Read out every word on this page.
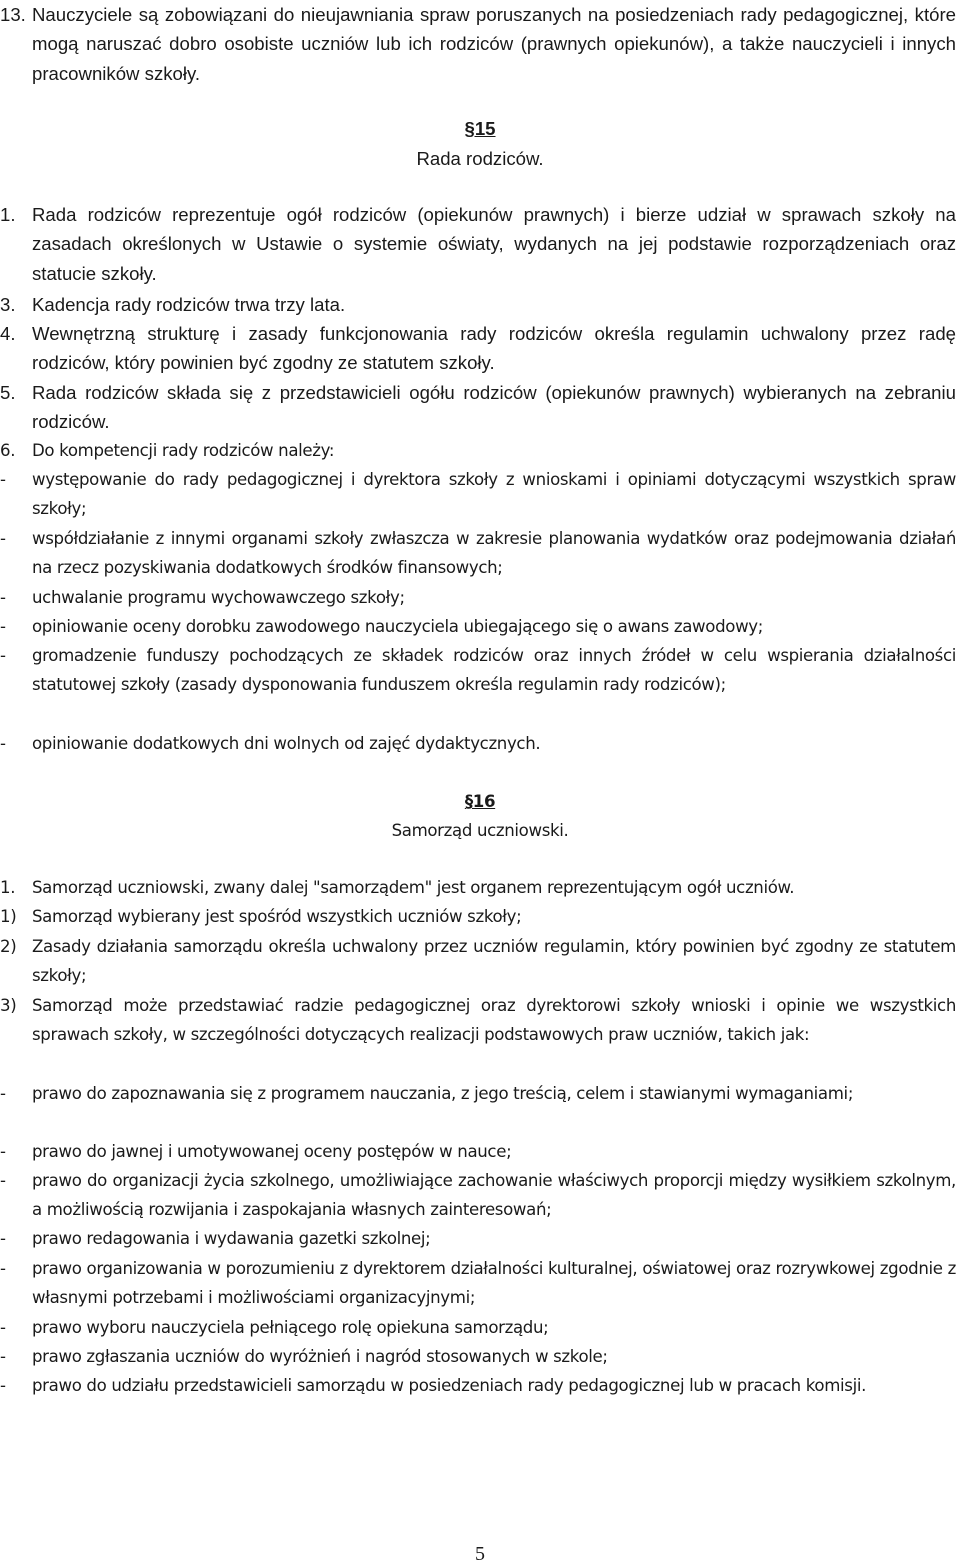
13. Nauczyciele są zobowiązani do nieujawniania spraw poruszanych na posiedzeniach rady pedagogicznej, które mogą naruszać dobro osobiste uczniów lub ich rodziców (prawnych opiekunów), a także nauczycieli i innych pracowników szkoły.
§15
Rada rodziców.
1. Rada rodziców reprezentuje ogół rodziców (opiekunów prawnych) i bierze udział w sprawach szkoły na zasadach określonych w Ustawie o systemie oświaty, wydanych na jej podstawie rozporządzeniach oraz statucie szkoły.
3. Kadencja rady rodziców trwa trzy lata.
4. Wewnętrzną strukturę i zasady funkcjonowania rady rodziców określa regulamin uchwalony przez radę rodziców, który powinien być zgodny ze statutem szkoły.
5. Rada rodziców składa się z przedstawicieli ogółu rodziców (opiekunów prawnych) wybieranych na zebraniu rodziców.
6.	Do kompetencji rady rodziców należy:
-	występowanie do rady pedagogicznej i dyrektora szkoły z wnioskami i opiniami dotyczącymi wszystkich spraw szkoły;
-	współdziałanie z innymi organami szkoły zwłaszcza w zakresie planowania wydatków oraz podejmowania działań na rzecz pozyskiwania dodatkowych środków finansowych;
-	uchwalanie programu wychowawczego szkoły;
-	opiniowanie oceny dorobku zawodowego nauczyciela ubiegającego się o awans zawodowy;
-	gromadzenie funduszy pochodzących ze składek rodziców oraz innych źródeł w celu wspierania działalności statutowej szkoły (zasady dysponowania funduszem określa regulamin rady rodziców);
-	opiniowanie dodatkowych dni wolnych od zajęć dydaktycznych.
§16
Samorząd uczniowski.
1.	Samorząd uczniowski, zwany dalej "samorządem" jest organem reprezentującym ogół uczniów.
1) Samorząd wybierany jest spośród wszystkich uczniów szkoły;
2) Zasady działania samorządu określa uchwalony przez uczniów regulamin, który powinien być zgodny ze statutem szkoły;
3) Samorząd może przedstawiać radzie pedagogicznej oraz dyrektorowi szkoły wnioski i opinie we wszystkich sprawach szkoły, w szczególności dotyczących realizacji podstawowych praw uczniów, takich jak:
-	prawo do zapoznawania się z programem nauczania, z jego treścią, celem i stawianymi wymaganiami;
-	prawo do jawnej i umotywowanej oceny postępów w nauce;
-	prawo do organizacji życia szkolnego, umożliwiające zachowanie właściwych proporcji między wysiłkiem szkolnym, a możliwością rozwijania i zaspokajania własnych zainteresowań;
-	prawo redagowania i wydawania gazetki szkolnej;
-	prawo organizowania w porozumieniu z dyrektorem działalności kulturalnej, oświatowej oraz rozrywkowej zgodnie z własnymi potrzebami i możliwościami organizacyjnymi;
-	prawo wyboru nauczyciela pełniącego rolę opiekuna samorządu;
-	prawo zgłaszania uczniów do wyróżnień i nagród stosowanych w szkole;
-	prawo do udziału przedstawicieli samorządu w posiedzeniach rady pedagogicznej lub w pracach komisji.
5
